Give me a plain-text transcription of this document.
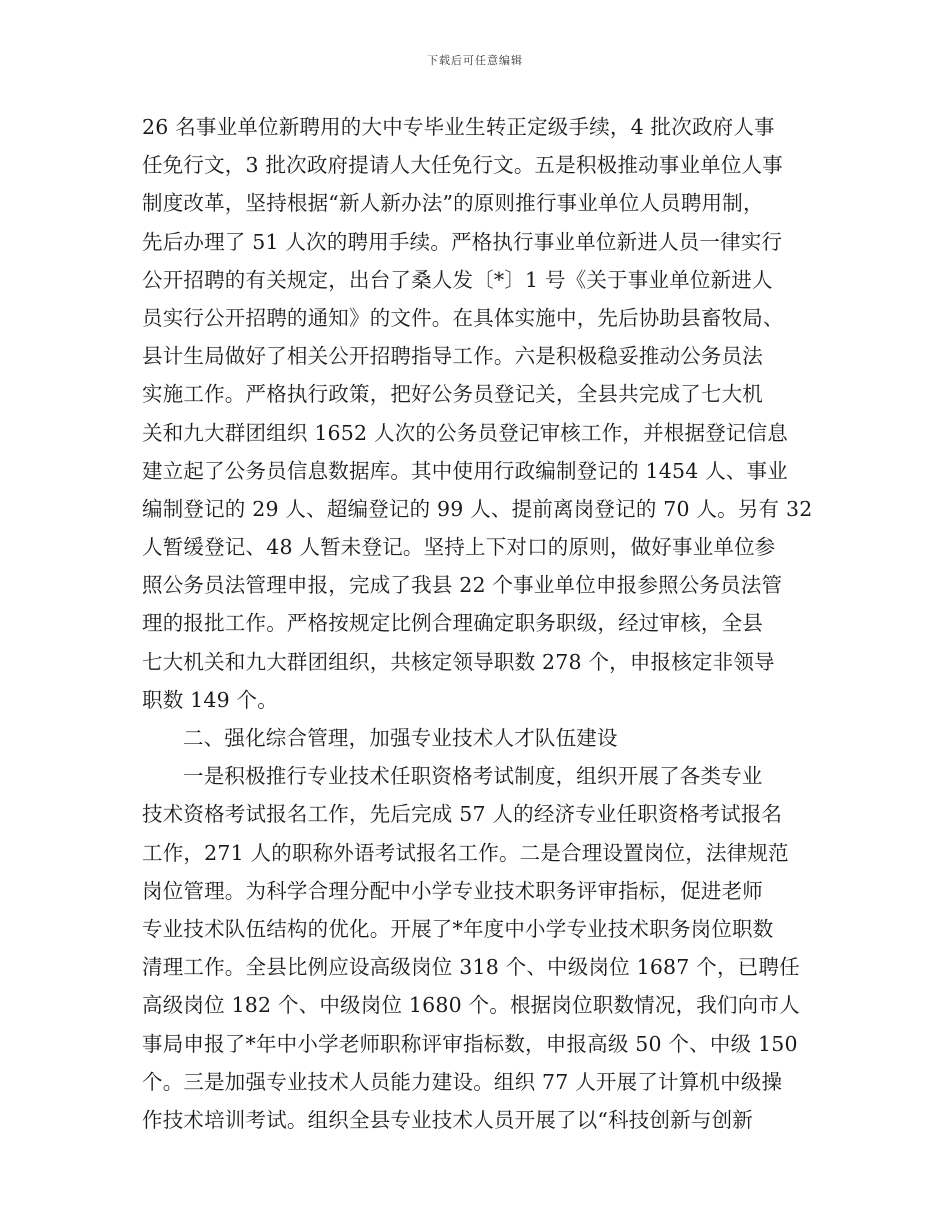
下载后可任意编辑
26 名事业单位新聘用的大中专毕业生转正定级手续，4 批次政府人事
任免行文，3 批次政府提请人大任免行文。五是积极推动事业单位人事
制度改革，坚持根据“新人新办法”的原则推行事业单位人员聘用制，
先后办理了 51 人次的聘用手续。严格执行事业单位新进人员一律实行
公开招聘的有关规定，出台了桑人发〔*〕1 号《关于事业单位新进人
员实行公开招聘的通知》的文件。在具体实施中，先后协助县畜牧局、
县计生局做好了相关公开招聘指导工作。六是积极稳妥推动公务员法
实施工作。严格执行政策，把好公务员登记关，全县共完成了七大机
关和九大群团组织 1652 人次的公务员登记审核工作，并根据登记信息
建立起了公务员信息数据库。其中使用行政编制登记的 1454 人、事业
编制登记的 29 人、超编登记的 99 人、提前离岗登记的 70 人。另有 32
人暂缓登记、48 人暂未登记。坚持上下对口的原则，做好事业单位参
照公务员法管理申报，完成了我县 22 个事业单位申报参照公务员法管
理的报批工作。严格按规定比例合理确定职务职级，经过审核，全县
七大机关和九大群团组织，共核定领导职数 278 个，申报核定非领导
职数 149 个。
二、强化综合管理，加强专业技术人才队伍建设
一是积极推行专业技术任职资格考试制度，组织开展了各类专业
技术资格考试报名工作，先后完成 57 人的经济专业任职资格考试报名
工作，271 人的职称外语考试报名工作。二是合理设置岗位，法律规范
岗位管理。为科学合理分配中小学专业技术职务评审指标，促进老师
专业技术队伍结构的优化。开展了*年度中小学专业技术职务岗位职数
清理工作。全县比例应设高级岗位 318 个、中级岗位 1687 个，已聘任
高级岗位 182 个、中级岗位 1680 个。根据岗位职数情况，我们向市人
事局申报了*年中小学老师职称评审指标数，申报高级 50 个、中级 150
个。三是加强专业技术人员能力建设。组织 77 人开展了计算机中级操
作技术培训考试。组织全县专业技术人员开展了以“科技创新与创新
